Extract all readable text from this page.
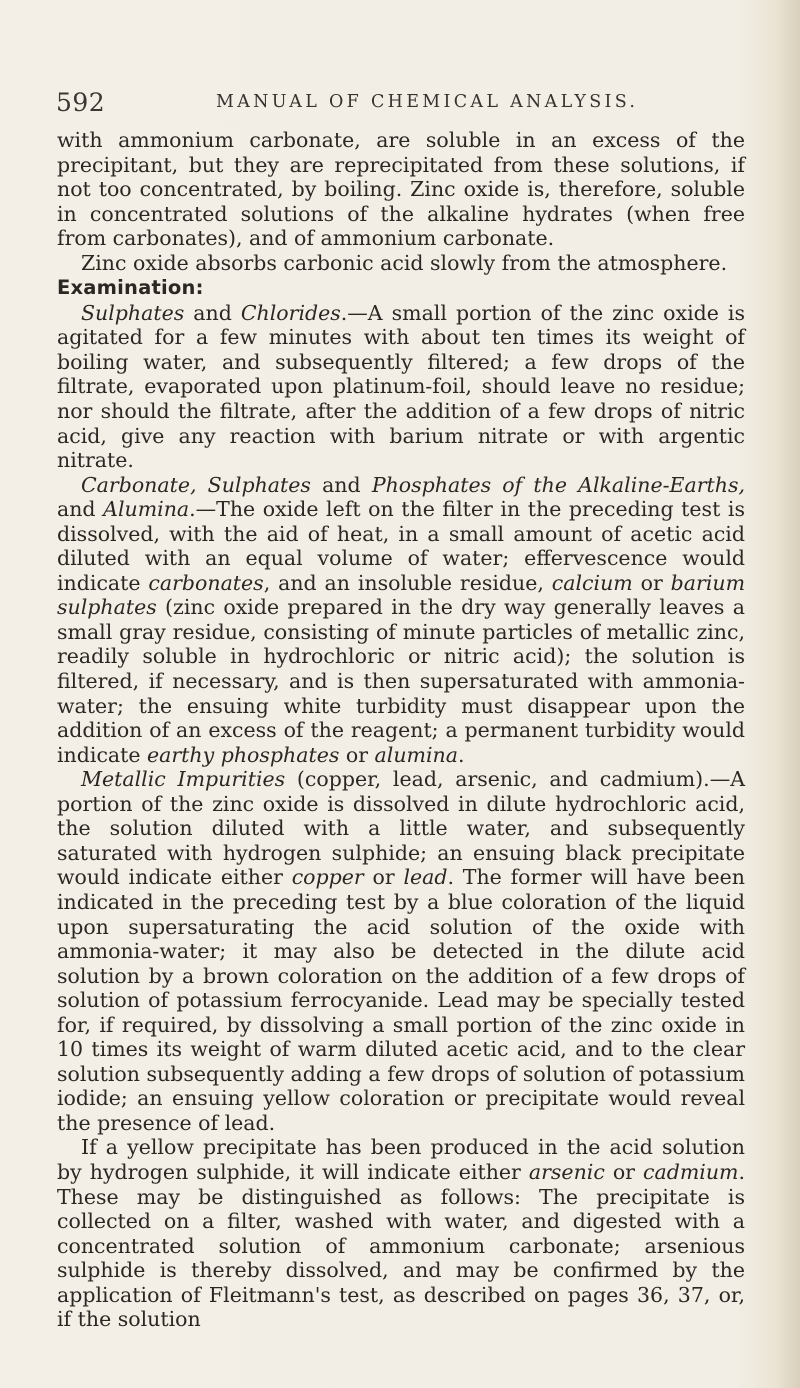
592	MANUAL OF CHEMICAL ANALYSIS.

with ammonium carbonate, are soluble in an excess of the precipitant, but they are reprecipitated from these solutions, if not too concentrated, by boiling. Zinc oxide is, therefore, soluble in concentrated solutions of the alkaline hydrates (when free from carbonates), and of ammonium carbonate.

Zinc oxide absorbs carbonic acid slowly from the atmosphere.

Examination:

Sulphates and Chlorides.—A small portion of the zinc oxide is agitated for a few minutes with about ten times its weight of boiling water, and subsequently filtered; a few drops of the filtrate, evaporated upon platinum-foil, should leave no residue; nor should the filtrate, after the addition of a few drops of nitric acid, give any reaction with barium nitrate or with argentic nitrate.

Carbonate, Sulphates and Phosphates of the Alkaline-Earths, and Alumina.—The oxide left on the filter in the preceding test is dissolved, with the aid of heat, in a small amount of acetic acid diluted with an equal volume of water; effervescence would indicate carbonates, and an insoluble residue, calcium or barium sulphates (zinc oxide prepared in the dry way generally leaves a small gray residue, consisting of minute particles of metallic zinc, readily soluble in hydrochloric or nitric acid); the solution is filtered, if necessary, and is then supersaturated with ammonia-water; the ensuing white turbidity must disappear upon the addition of an excess of the reagent; a permanent turbidity would indicate earthy phosphates or alumina.

Metallic Impurities (copper, lead, arsenic, and cadmium).—A portion of the zinc oxide is dissolved in dilute hydrochloric acid, the solution diluted with a little water, and subsequently saturated with hydrogen sulphide; an ensuing black precipitate would indicate either copper or lead. The former will have been indicated in the preceding test by a blue coloration of the liquid upon supersaturating the acid solution of the oxide with ammonia-water; it may also be detected in the dilute acid solution by a brown coloration on the addition of a few drops of solution of potassium ferrocyanide. Lead may be specially tested for, if required, by dissolving a small portion of the zinc oxide in 10 times its weight of warm diluted acetic acid, and to the clear solution subsequently adding a few drops of solution of potassium iodide; an ensuing yellow coloration or precipitate would reveal the presence of lead.

If a yellow precipitate has been produced in the acid solution by hydrogen sulphide, it will indicate either arsenic or cadmium. These may be distinguished as follows: The precipitate is collected on a filter, washed with water, and digested with a concentrated solution of ammonium carbonate; arsenious sulphide is thereby dissolved, and may be confirmed by the application of Fleitmann's test, as described on pages 36, 37, or, if the solution
